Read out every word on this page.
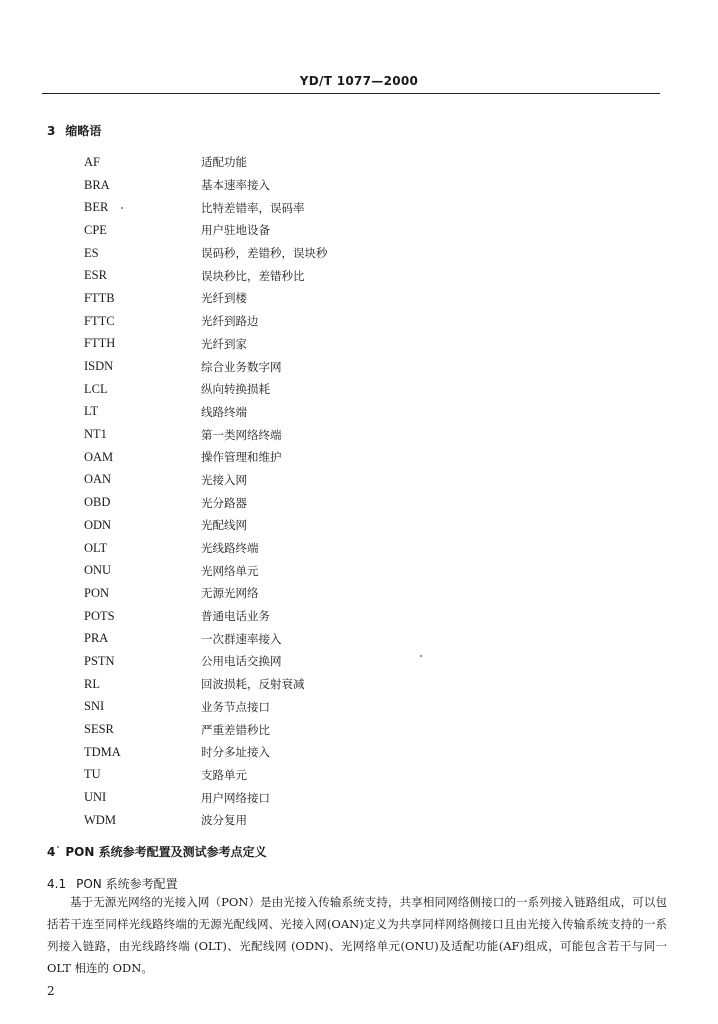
YD/T 1077—2000
3 缩略语
AF	适配功能
BRA	基本速率接入
BER	比特差错率，误码率
CPE	用户驻地设备
ES	误码秒，差错秒，误块秒
ESR	误块秒比，差错秒比
FTTB	光纤到楼
FTTC	光纤到路边
FTTH	光纤到家
ISDN	综合业务数字网
LCL	纵向转换损耗
LT	线路终端
NT1	第一类网络终端
OAM	操作管理和维护
OAN	光接入网
OBD	光分路器
ODN	光配线网
OLT	光线路终端
ONU	光网络单元
PON	无源光网络
POTS	普通电话业务
PRA	一次群速率接入
PSTN	公用电话交换网
RL	回波损耗，反射衰减
SNI	业务节点接口
SESR	严重差错秒比
TDMA	时分多址接入
TU	支路单元
UNI	用户网络接口
WDM	波分复用
4 PON 系统参考配置及测试参考点定义
4.1 PON 系统参考配置
基于无源光网络的光接入网（PON）是由光接入传输系统支持，共享相同网络侧接口的一系列接入链路组成，可以包括若干连至同样光线路终端的无源光配线网、光接入网(OAN)定义为共享同样网络侧接口且由光接入传输系统支持的一系列接入链路，由光线路终端 (OLT)、光配线网 (ODN)、光网络单元(ONU)及适配功能(AF)组成，可能包含若干与同一OLT 相连的 ODN。
2
